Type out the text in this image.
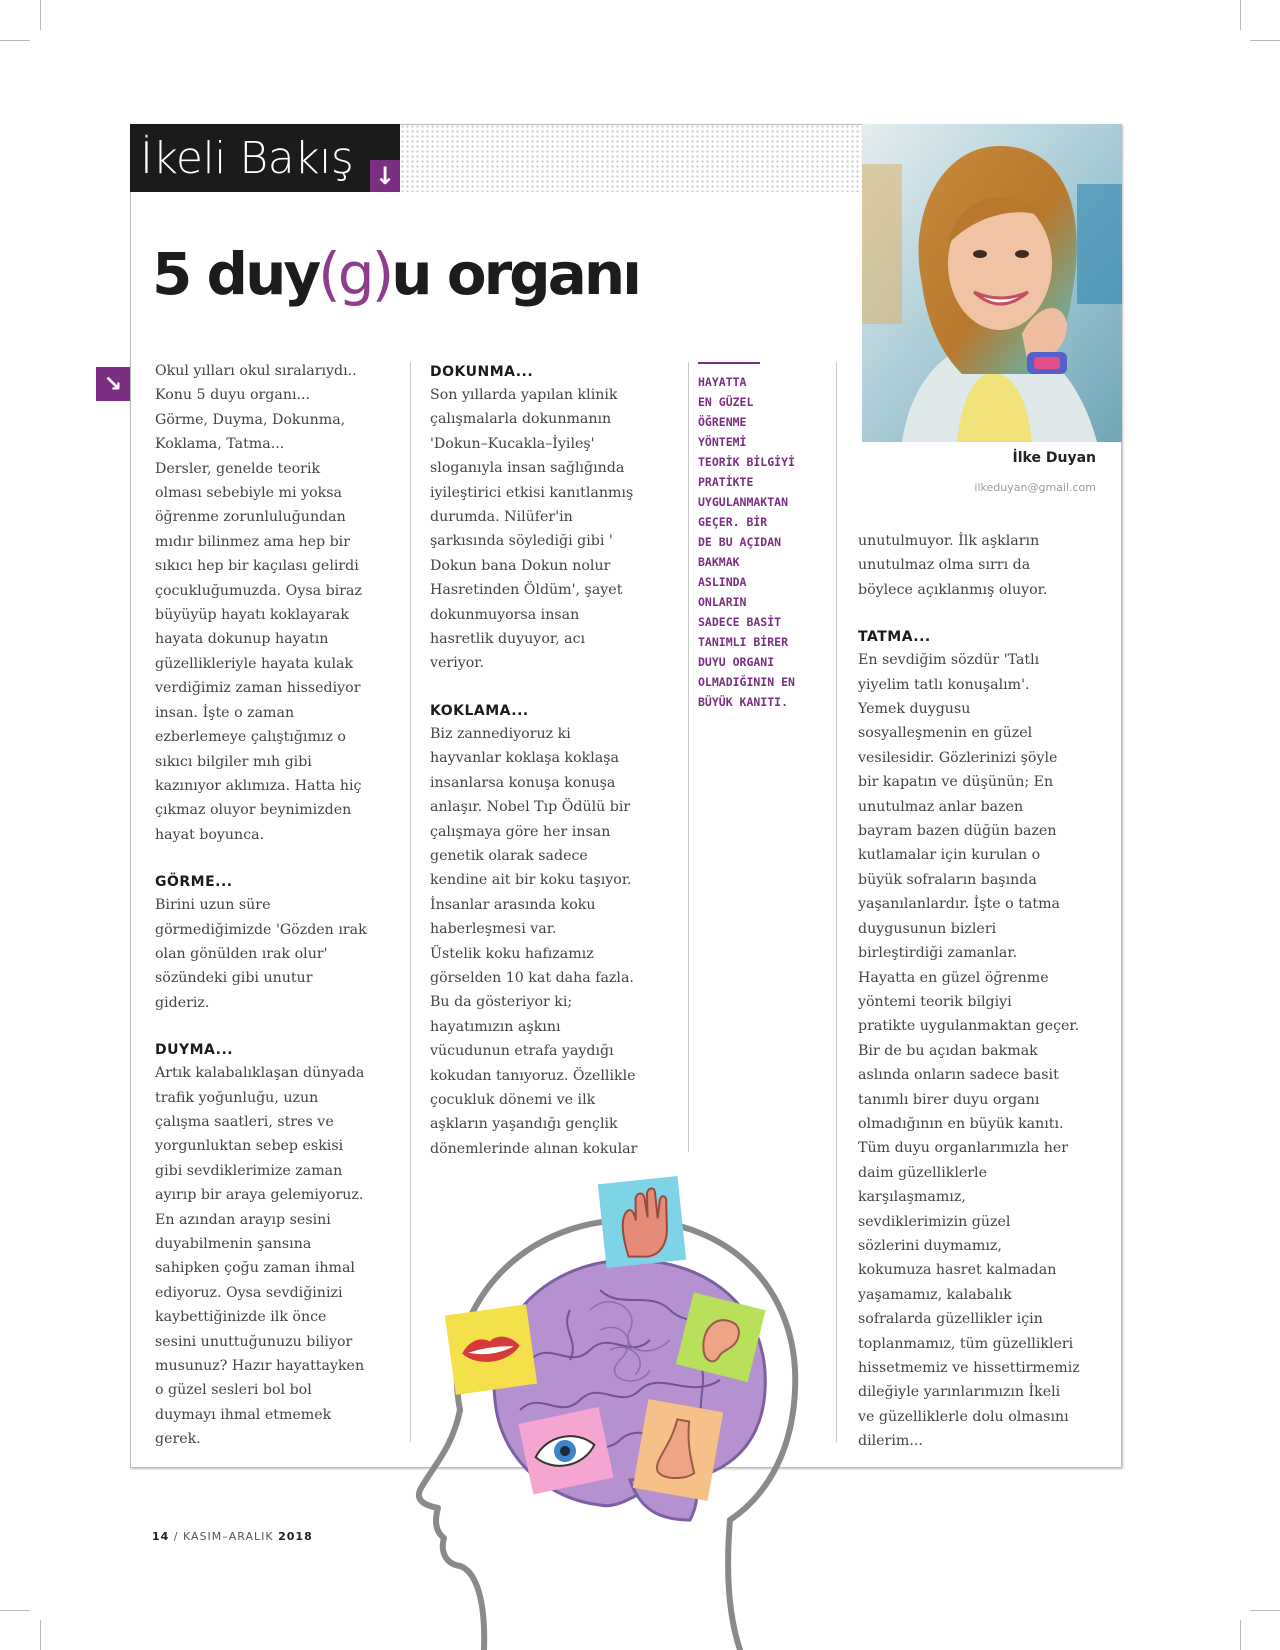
İkeli Bakış ↓
5 duy(g)u organı
↘
İlke Duyan
ilkeduyan@gmail.com

Okul yılları okul sıralarıydı..
Konu 5 duyu organı...
Görme, Duyma, Dokunma,
Koklama, Tatma...
Dersler, genelde teorik
olması sebebiyle mi yoksa
öğrenme zorunluluğundan
mıdır bilinmez ama hep bir
sıkıcı hep bir kaçılası gelirdi
çocukluğumuzda. Oysa biraz
büyüyüp hayatı koklayarak
hayata dokunup hayatın
güzellikleriyle hayata kulak
verdiğimiz zaman hissediyor
insan. İşte o zaman
ezberlemeye çalıştığımız o
sıkıcı bilgiler mıh gibi
kazınıyor aklımıza. Hatta hiç
çıkmaz oluyor beynimizden
hayat boyunca.

GÖRME...

Birini uzun süre
görmediğimizde 'Gözden ırak
olan gönülden ırak olur'
sözündeki gibi unutur
gideriz.

DUYMA...

Artık kalabalıklaşan dünyada
trafik yoğunluğu, uzun
çalışma saatleri, stres ve
yorgunluktan sebep eskisi
gibi sevdiklerimize zaman
ayırıp bir araya gelemiyoruz.
En azından arayıp sesini
duyabilmenin şansına
sahipken çoğu zaman ihmal
ediyoruz. Oysa sevdiğinizi
kaybettiğinizde ilk önce
sesini unuttuğunuzu biliyor
musunuz? Hazır hayattayken
o güzel sesleri bol bol
duymayı ihmal etmemek
gerek.

DOKUNMA...

Son yıllarda yapılan klinik
çalışmalarla dokunmanın
'Dokun–Kucakla–İyileş'
sloganıyla insan sağlığında
iyileştirici etkisi kanıtlanmış
durumda. Nilüfer'in
şarkısında söylediği gibi '
Dokun bana Dokun nolur
Hasretinden Öldüm', şayet
dokunmuyorsa insan
hasretlik duyuyor, acı
veriyor.

KOKLAMA...

Biz zannediyoruz ki
hayvanlar koklaşa koklaşa
insanlarsa konuşa konuşa
anlaşır. Nobel Tıp Ödülü bir
çalışmaya göre her insan
genetik olarak sadece
kendine ait bir koku taşıyor.
İnsanlar arasında koku
haberleşmesi var.
Üstelik koku hafızamız
görselden 10 kat daha fazla.
Bu da gösteriyor ki;
hayatımızın aşkını
vücudunun etrafa yaydığı
kokudan tanıyoruz. Özellikle
çocukluk dönemi ve ilk
aşkların yaşandığı gençlik
dönemlerinde alınan kokular

HAYATTA
EN GÜZEL
ÖĞRENME
YÖNTEMİ
TEORİK BİLGİYİ
PRATİKTE
UYGULANMAKTAN
GEÇER. BİR
DE BU AÇIDAN
BAKMAK
ASLINDA
ONLARIN
SADECE BASİT
TANIMLI BİRER
DUYU ORGANI
OLMADIĞININ EN
BÜYÜK KANITI.

unutulmuyor. İlk aşkların
unutulmaz olma sırrı da
böylece açıklanmış oluyor.

TATMA...

En sevdiğim sözdür 'Tatlı
yiyelim tatlı konuşalım'.
Yemek duygusu
sosyalleşmenin en güzel
vesilesidir. Gözlerinizi şöyle
bir kapatın ve düşünün; En
unutulmaz anlar bazen
bayram bazen düğün bazen
kutlamalar için kurulan o
büyük sofraların başında
yaşanılanlardır. İşte o tatma
duygusunun bizleri
birleştirdiği zamanlar.
Hayatta en güzel öğrenme
yöntemi teorik bilgiyi
pratikte uygulanmaktan geçer.
Bir de bu açıdan bakmak
aslında onların sadece basit
tanımlı birer duyu organı
olmadığının en büyük kanıtı.
Tüm duyu organlarımızla her
daim güzelliklerle
karşılaşmamız,
sevdiklerimizin güzel
sözlerini duymamız,
kokumuza hasret kalmadan
yaşamamız, kalabalık
sofralarda güzellikler için
toplanmamız, tüm güzellikleri
hissetmemiz ve hissettirmemiz
dileğiyle yarınlarımızın İkeli
ve güzelliklerle dolu olmasını
dilerim...

14 / KASIM–ARALIK 2018
